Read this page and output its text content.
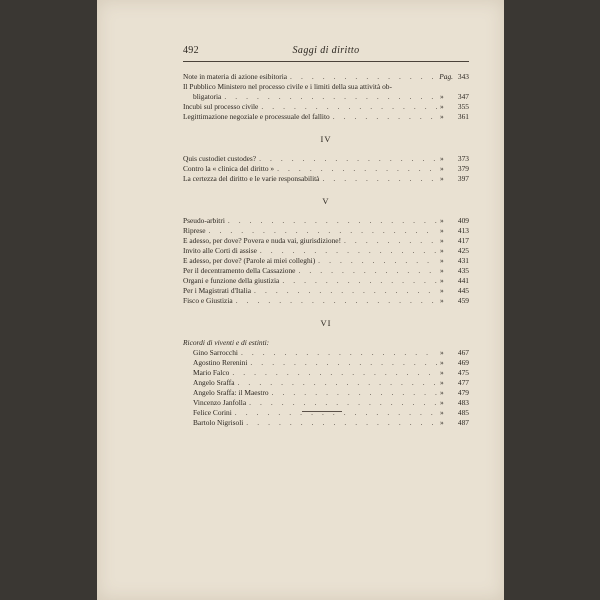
492	Saggi di diritto
Note in materia di azione esibitoria . . .	Pag. 343
Il Pubblico Ministero nel processo civile e i limiti della sua attività ob-
bligatoria . . .	»	347
Incubi sul processo civile . . .	»	355
Legittimazione negoziale e processuale del fallito . . .	»	361
IV
Quis custodiet custodes? . . .	»	373
Contro la « clinica del diritto » . . .	»	379
La certezza del diritto e le varie responsabilità . . .	»	397
V
Pseudo-arbitri . . .	»	409
Riprese . . .	»	413
E adesso, per dove? Povera e nuda vai, giurisdizione! . . .	»	417
Invito alle Corti di assise . . .	»	425
E adesso, per dove? (Parole ai miei colleghi) . . .	»	431
Per il decentramento della Cassazione . . .	»	435
Organi e funzione della giustizia . . .	»	441
Per i Magistrati d'Italia . . .	»	445
Fisco e Giustizia . . .	»	459
VI
Ricordi di viventi e di estinti:
Gino Sarrocchi . . .	»	467
Agostino Rerenini . . .	»	469
Mario Falco . . .	»	475
Angelo Sraffa . . .	»	477
Angelo Sraffa: il Maestro . . .	»	479
Vincenzo Janfolla . . .	»	483
Felice Corini . . .	»	485
Bartolo Nigrisoli . . .	»	487
